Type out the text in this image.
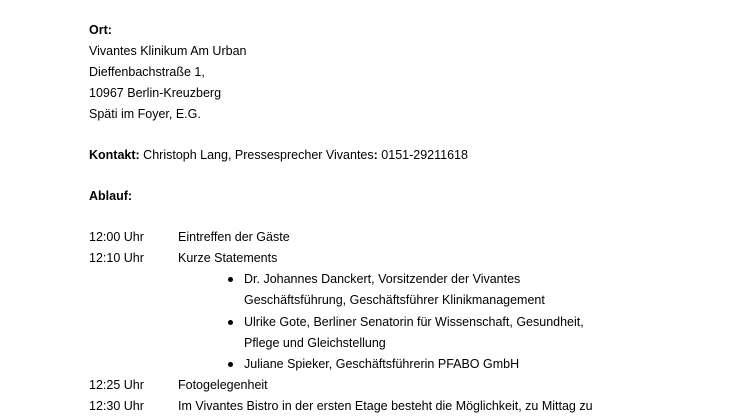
Ort:
Vivantes Klinikum Am Urban
Dieffenbachstraße 1,
10967 Berlin-Kreuzberg
Späti im Foyer, E.G.
Kontakt: Christoph Lang, Pressesprecher Vivantes: 0151-29211618
Ablauf:
12:00 Uhr	Eintreffen der Gäste
12:10 Uhr	Kurze Statements
Dr. Johannes Danckert, Vorsitzender der Vivantes
Geschäftsführung, Geschäftsführer Klinikmanagement
Ulrike Gote, Berliner Senatorin für Wissenschaft, Gesundheit,
Pflege und Gleichstellung
Juliane Spieker, Geschäftsführerin PFABO GmbH
12:25 Uhr	Fotogelegenheit
12:30 Uhr	Im Vivantes Bistro in der ersten Etage besteht die Möglichkeit, zu Mittag zu
